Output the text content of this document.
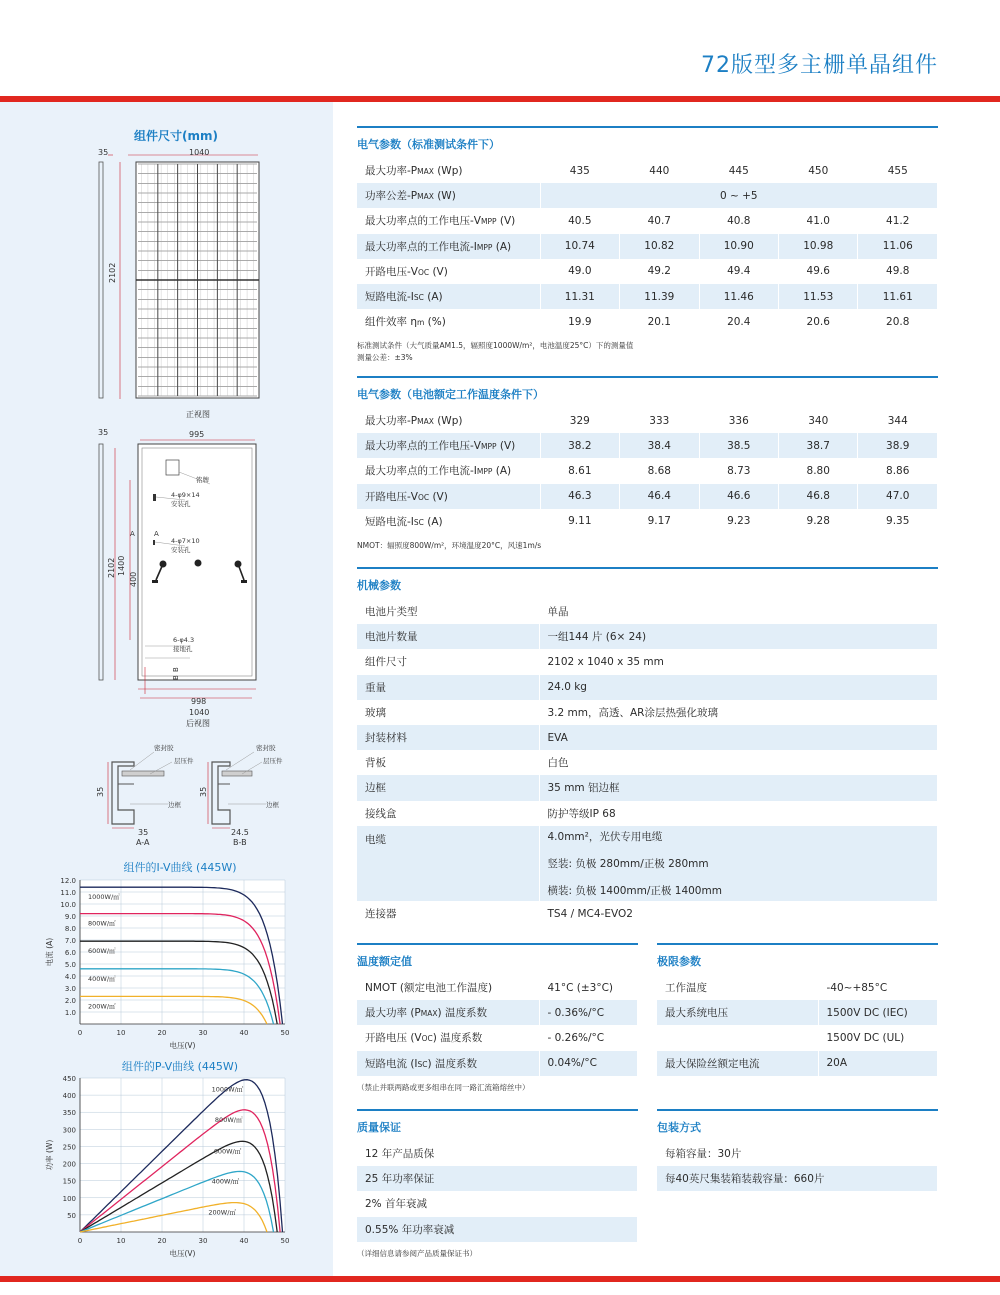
72版型多主栅单晶组件
组件尺寸(mm)
35	1040
2102
正视图
35	995
2102 1400
400
铭牌
4-φ9×14
安装孔
4-φ7×10
安装孔
6-φ4.3
接地孔
A	A
B
B
998
1040
后视图
密封胶
层压件
边框
35
35
A-A
密封胶
层压件
边框
35
24.5
B-B
组件的I-V曲线 (445W)
1.0
2.0
3.0
4.0
5.0
6.0
7.0
8.0
9.0
10.0
11.0
12.0
0	10	20	30	40	50
电压(V)
电流 (A)
1000W/㎡
800W/㎡
600W/㎡
400W/㎡
200W/㎡
组件的P-V曲线 (445W)
50
100
150
200
250
300
350
400
450
0	10	20	30	40	50
电压(V)
功率 (W)
1000W/㎡
800W/㎡
600W/㎡
400W/㎡
200W/㎡
电气参数（标准测试条件下）
最大功率-PMAX (Wp)	435	440	445	450	455
功率公差-PMAX (W)	0 ~ +5				
最大功率点的工作电压-VMPP (V)	40.5	40.7	40.8	41.0	41.2
最大功率点的工作电流-IMPP (A)	10.74	10.82	10.90	10.98	11.06
开路电压-VOC (V)	49.0	49.2	49.4	49.6	49.8
短路电流-ISC (A)	11.31	11.39	11.46	11.53	11.61
组件效率 ηm (%)	19.9	20.1	20.4	20.6	20.8
标准测试条件（大气质量AM1.5，辐照度1000W/m²，电池温度25°C）下的测量值
测量公差：±3%
电气参数（电池额定工作温度条件下）
最大功率-PMAX (Wp)	329	333	336	340	344
最大功率点的工作电压-VMPP (V)	38.2	38.4	38.5	38.7	38.9
最大功率点的工作电流-IMPP (A)	8.61	8.68	8.73	8.80	8.86
开路电压-VOC (V)	46.3	46.4	46.6	46.8	47.0
短路电流-ISC (A)	9.11	9.17	9.23	9.28	9.35
NMOT：辐照度800W/m²，环境温度20°C，风速1m/s
机械参数
电池片类型	单晶

电池片数量	一组144 片 (6× 24)

组件尺寸	2102 x 1040 x 35 mm

重量	24.0 kg

玻璃	3.2 mm，高透、AR涂层热强化玻璃

封装材料	EVA

背板	白色

边框	35 mm 铝边框

接线盒	防护等级IP 68

电缆	4.0mm²，光伏专用电缆
竖装: 负极 280mm/正极 280mm
横装: 负极 1400mm/正极 1400mm

连接器	TS4 / MC4-EVO2
温度额定值
NMOT (额定电池工作温度)	41°C (±3°C)
最大功率 (PMAX) 温度系数	- 0.36%/°C
开路电压 (VOC) 温度系数	- 0.26%/°C
短路电流 (ISC) 温度系数	0.04%/°C
（禁止并联两路或更多组串在同一路汇流箱熔丝中）
极限参数
工作温度	-40~+85°C
最大系统电压	1500V DC (IEC)
	1500V DC (UL)
最大保险丝额定电流	20A
质量保证
12 年产品质保
25 年功率保证
2% 首年衰减
0.55% 年功率衰减
（详细信息请参阅产品质量保证书）
包装方式
每箱容量：30片
每40英尺集装箱装载容量：660片
